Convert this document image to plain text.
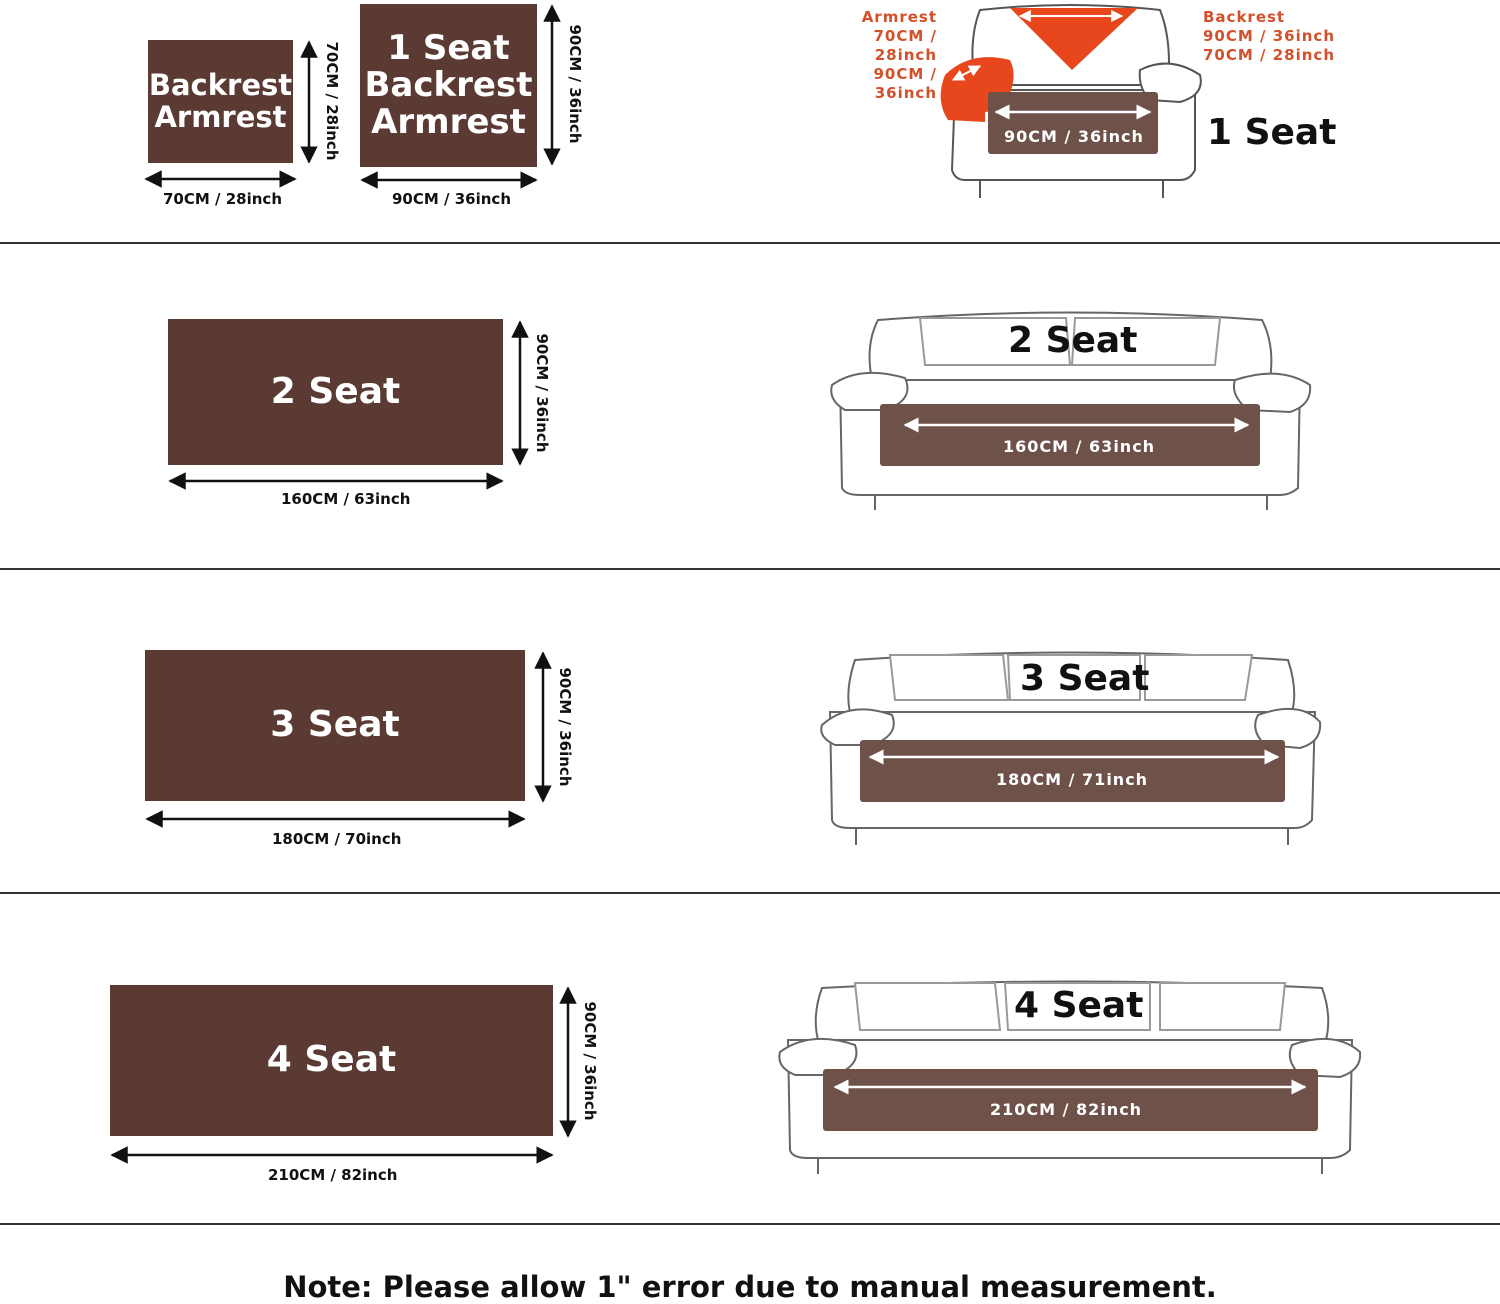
Backrest
Armrest
70CM / 28inch
70CM / 28inch 1 Seat
Backrest
Armrest
90CM / 36inch
90CM / 36inch	90CM / 36inch
Armrest
70CM / 28inch
90CM / 36inch
Backrest
90CM / 36inch
70CM / 28inch
1 Seat
2 Seat
160CM / 63inch
90CM / 36inch	2 Seat
160CM / 63inch
3 Seat
180CM / 70inch
90CM / 36inch	3 Seat
180CM / 71inch
4 Seat
210CM / 82inch
90CM / 36inch	4 Seat
210CM / 82inch
Note: Please allow 1" error due to manual measurement.
